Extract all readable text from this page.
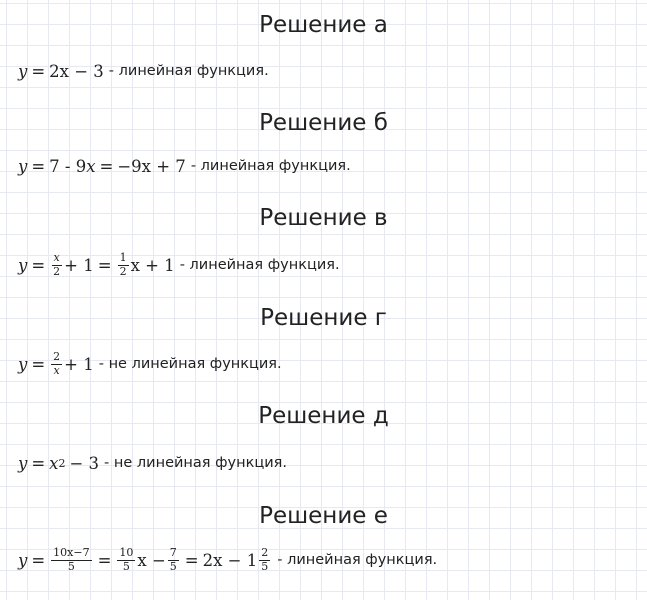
Решение а
y = 2x − 3 - линейная функция.
Решение б
y = 7 - 9 x = −9x + 7 - линейная функция.
Решение в
$y = \frac{x}{2} + 1 = \frac{1}{2}$ x + 1 - линейная функция.
Решение г
$y = \frac{2}{x} + 1$ - не линейная функция.
Решение д
y = x 2 − 3 - не линейная функция.
Решение е
$y = \frac{10x-7}{5} = \frac{10}{5}$ $x - \frac{7}{5} = 2x - 1 \frac{2}{5}$ - линейная функция.
